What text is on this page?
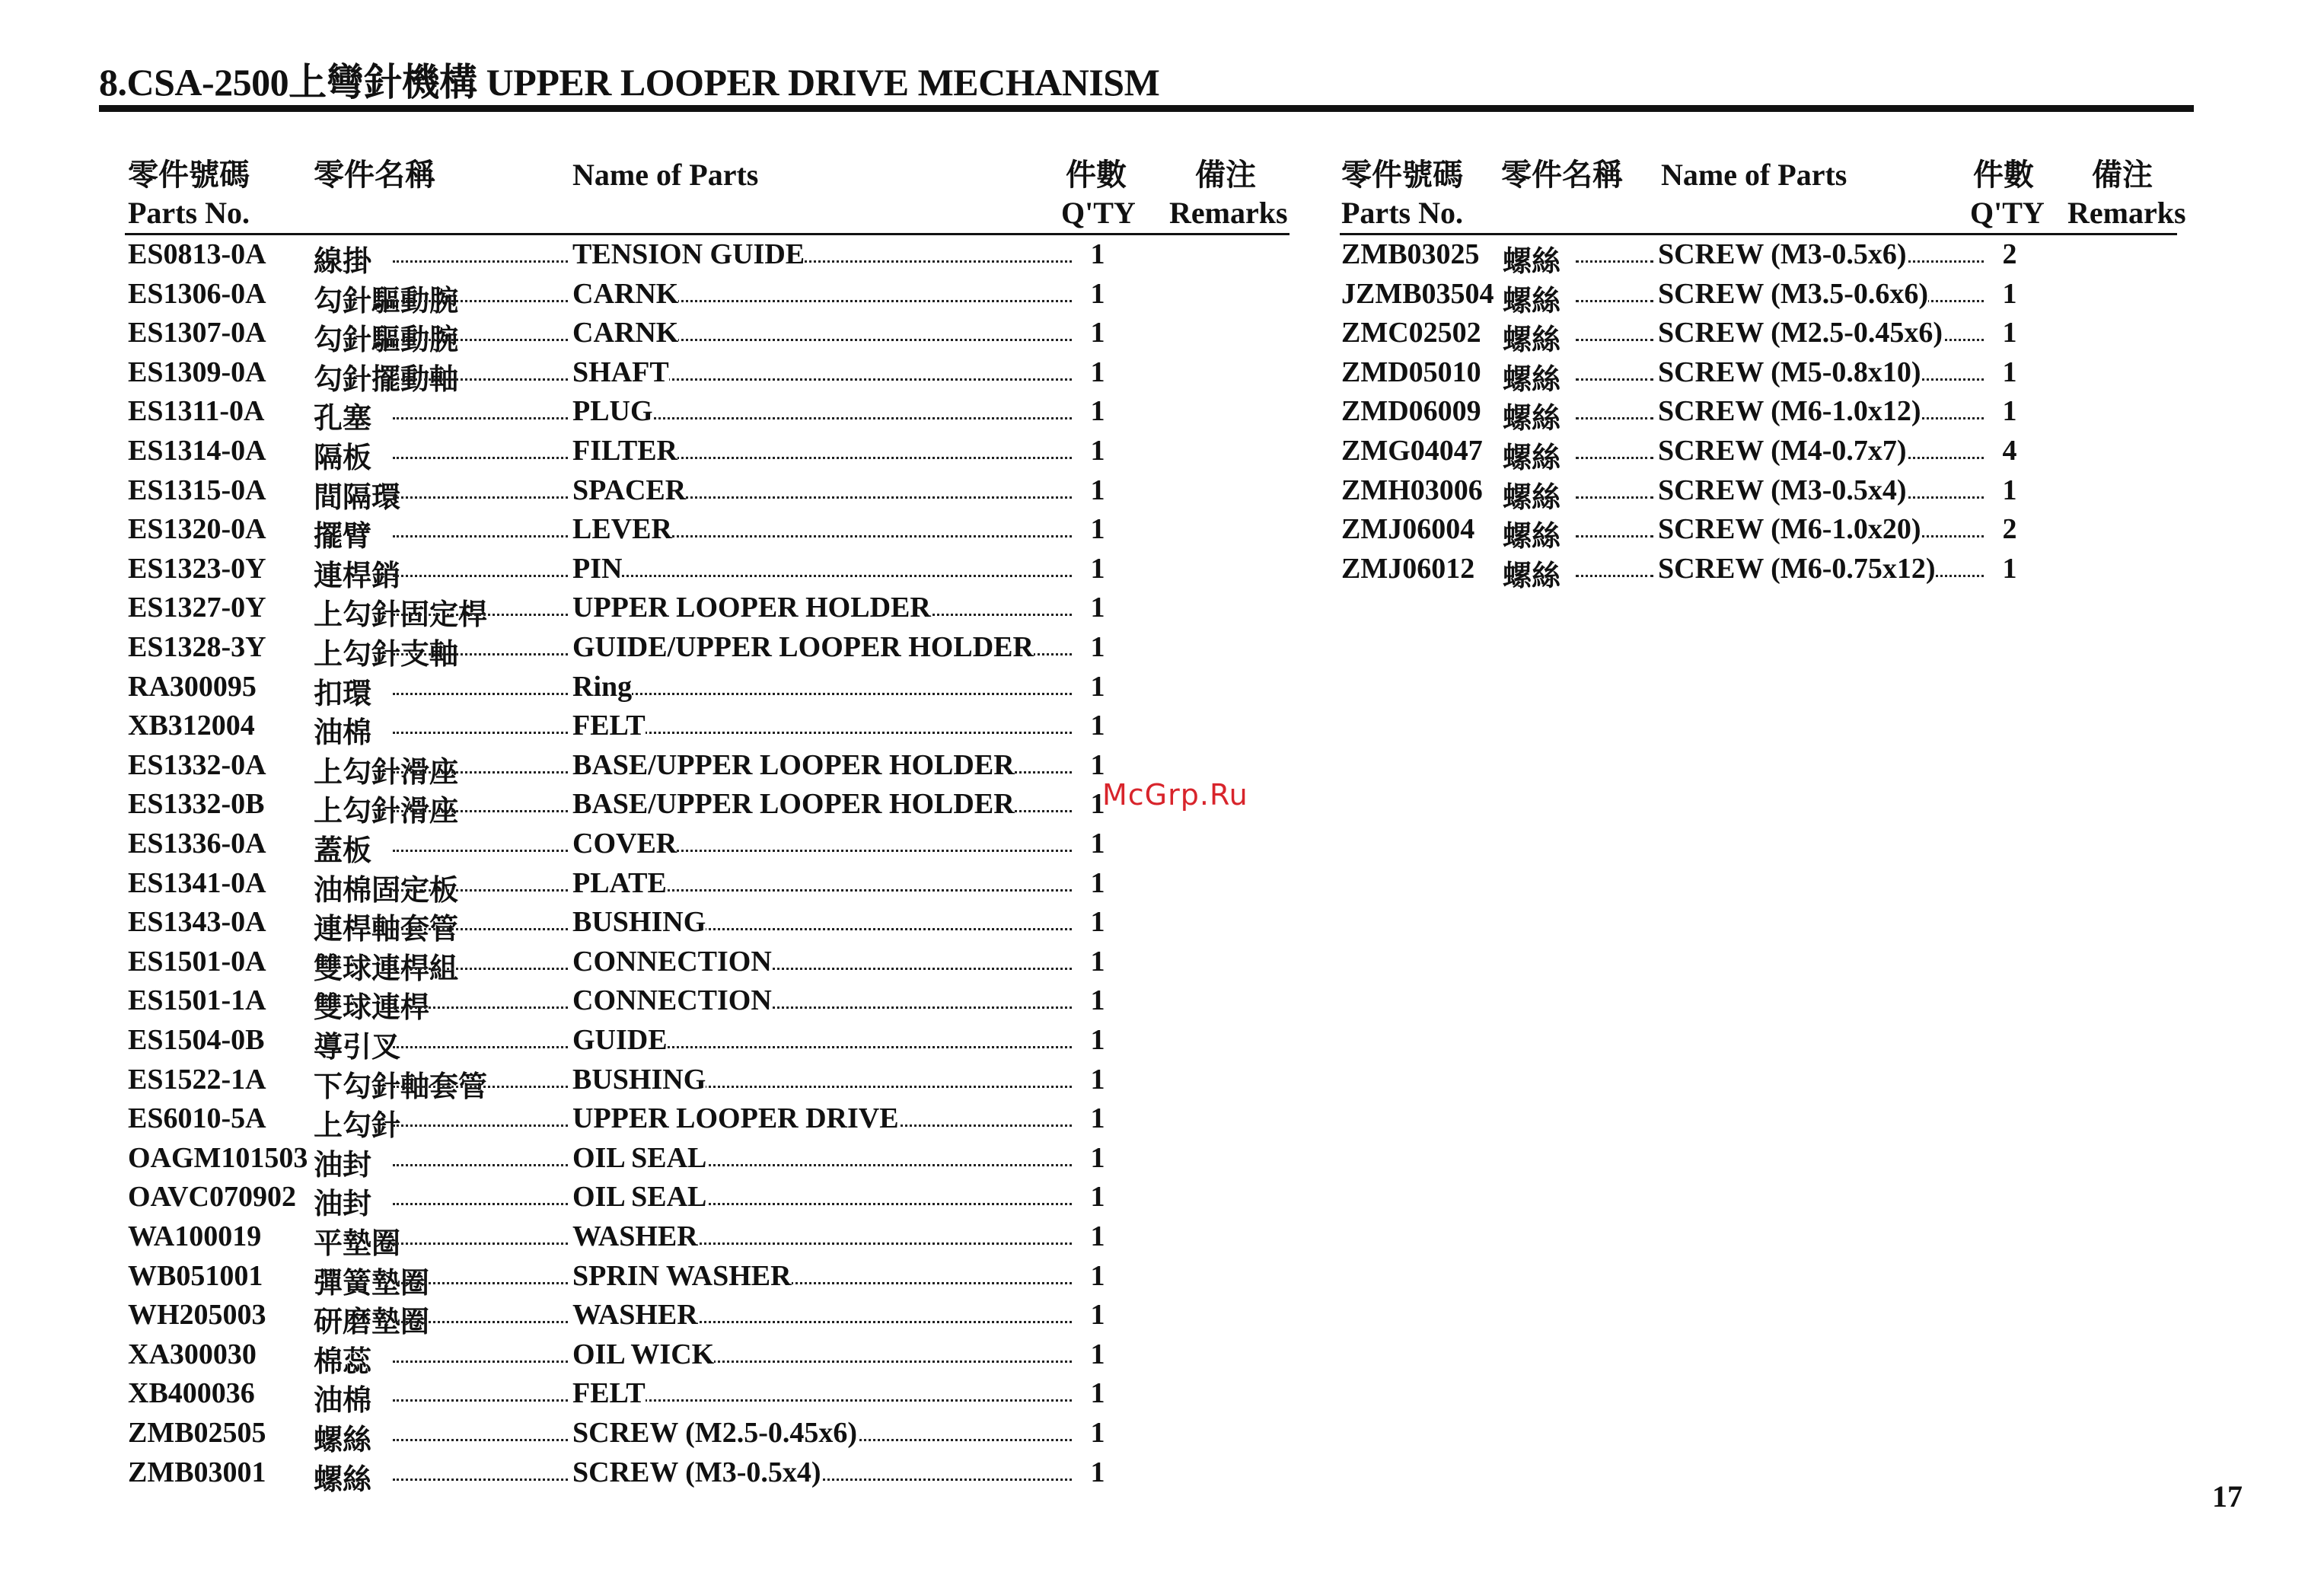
8.CSA-2500上彎針機構 UPPER LOOPER DRIVE MECHANISM
零件號碼
Parts No.
零件名稱	Name of Parts	件數
Q'TY
備注
Remarks
零件號碼
Parts No.
零件名稱 Name of Parts	件數
Q'TY
備注
Remarks
ES0813-0A 線掛	TENSION GUIDE	1
ES1306-0A 勾針驅動腕	CARNK	1
ES1307-0A 勾針驅動腕	CARNK	1
ES1309-0A 勾針擺動軸	SHAFT	1
ES1311-0A 孔塞	PLUG	1
ES1314-0A 隔板	FILTER	1
ES1315-0A 間隔環	SPACER	1
ES1320-0A 擺臂	LEVER	1
ES1323-0Y 連桿銷	PIN	1
ES1327-0Y 上勾針固定桿	UPPER LOOPER HOLDER	1
ES1328-3Y 上勾針支軸	GUIDE/UPPER LOOPER HOLDER 1
RA300095 扣環	Ring	1
XB312004 油棉	FELT	1
ES1332-0A 上勾針滑座	BASE/UPPER LOOPER HOLDER	1
ES1332-0B 上勾針滑座	BASE/UPPER LOOPER HOLDER	1
ES1336-0A 蓋板	COVER	1
ES1341-0A 油棉固定板	PLATE	1
ES1343-0A 連桿軸套管	BUSHING	1
ES1501-0A 雙球連桿組	CONNECTION	1
ES1501-1A 雙球連桿	CONNECTION	1
ES1504-0B 導引叉	GUIDE	1
ES1522-1A 下勾針軸套管	BUSHING	1
ES6010-5A 上勾針	UPPER LOOPER DRIVE	1
OAGM101503 油封	OIL SEAL	1
OAVC070902 油封	OIL SEAL	1
WA100019 平墊圈	WASHER	1
WB051001 彈簧墊圈	SPRIN WASHER	1
WH205003 研磨墊圈	WASHER	1
XA300030 棉蕊	OIL WICK	1
XB400036 油棉	FELT	1
ZMB02505 螺絲	SCREW (M2.5-0.45x6)	1
ZMB03001 螺絲	SCREW (M3-0.5x4)	1
ZMB03025 螺絲	SCREW (M3-0.5x6)	2
JZMB03504 螺絲	SCREW (M3.5-0.6x6)	1
ZMC02502 螺絲	SCREW (M2.5-0.45x6) 1
ZMD05010 螺絲	SCREW (M5-0.8x10)	1
ZMD06009 螺絲	SCREW (M6-1.0x12)	1
ZMG04047 螺絲	SCREW (M4-0.7x7)	4
ZMH03006 螺絲	SCREW (M3-0.5x4)	1
ZMJ06004 螺絲	SCREW (M6-1.0x20)	2
ZMJ06012 螺絲	SCREW (M6-0.75x12) 1
McGrp.Ru
17
